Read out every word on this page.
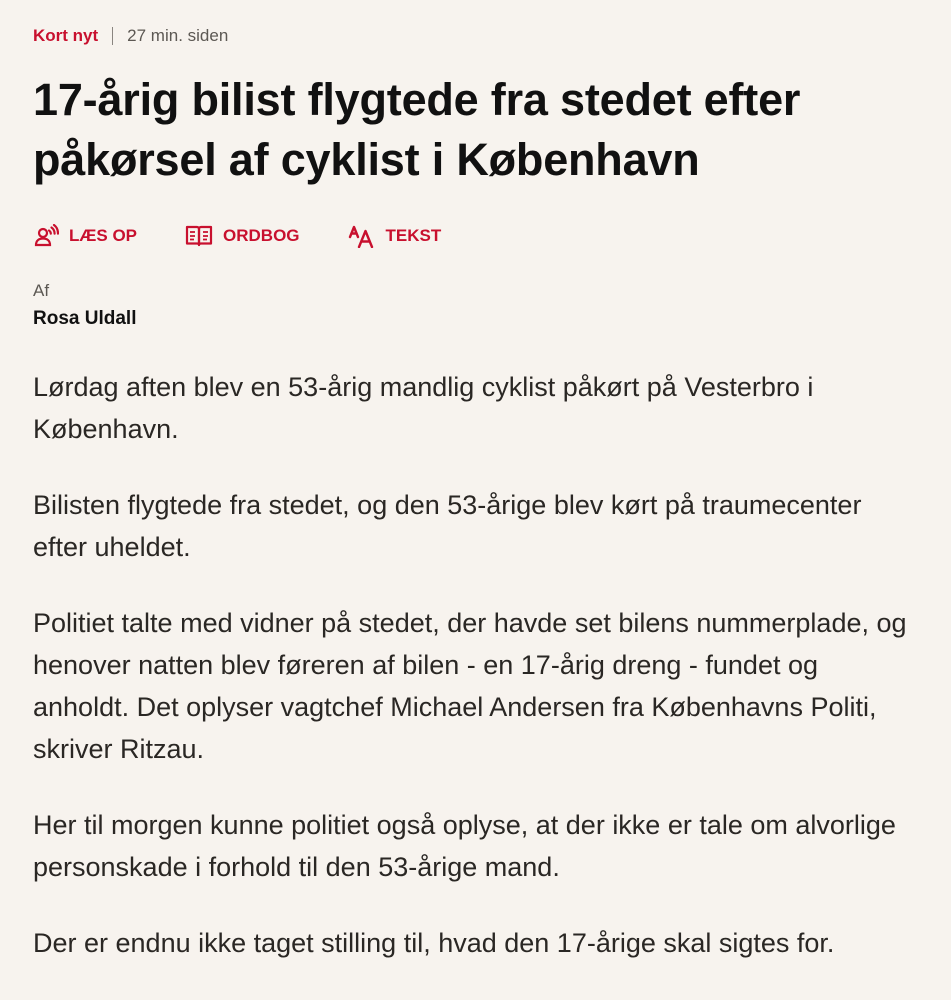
Kort nyt 27 min. siden
17-årig bilist flygtede fra stedet efter påkørsel af cyklist i København
LÆS OP	ORDBOG	TEKST
Af
Rosa Uldall

Lørdag aften blev en 53-årig mandlig cyklist påkørt på Vesterbro i København.

Bilisten flygtede fra stedet, og den 53-årige blev kørt på traumecenter efter uheldet.

Politiet talte med vidner på stedet, der havde set bilens nummerplade, og henover natten blev føreren af bilen - en 17-årig dreng - fundet og anholdt. Det oplyser vagtchef Michael Andersen fra Københavns Politi, skriver Ritzau.

Her til morgen kunne politiet også oplyse, at der ikke er tale om alvorlige personskade i forhold til den 53-årige mand.

Der er endnu ikke taget stilling til, hvad den 17-årige skal sigtes for.
